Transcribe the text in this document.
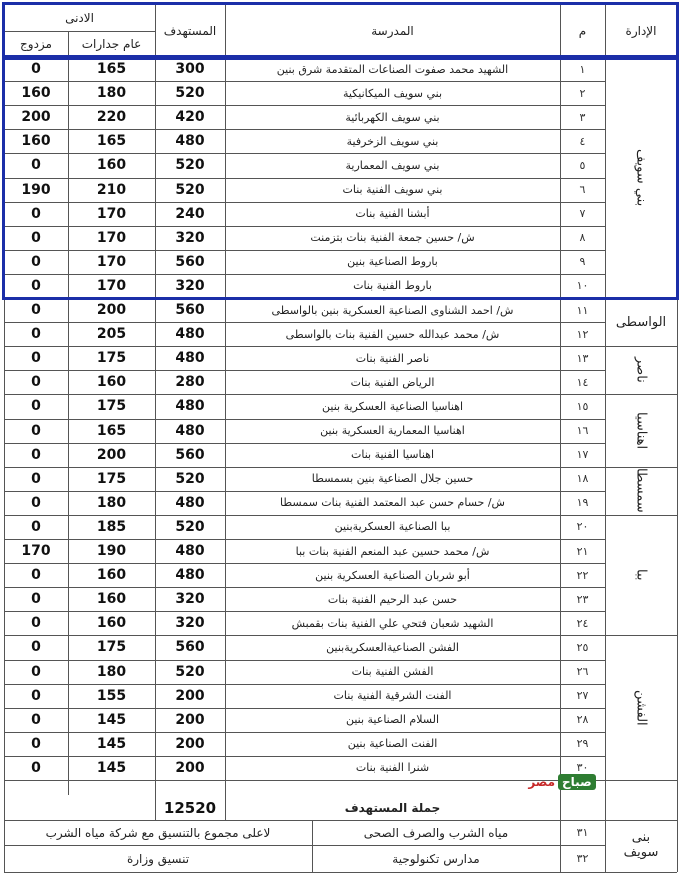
الإدارة
م
المدرسة
المستهدف
الادنى
عام جدارات
مزدوج
١
الشهيد محمد صفوت الصناعات المتقدمة شرق بنين
300
165
0
٢
بني سويف الميكانيكية
520
180
160
٣
بني سويف الكهربائية
420
220
200
٤
بني سويف الزخرفية
480
165
160
٥
بني سويف المعمارية
520
160
0
٦
بني سويف الفنية بنات
520
210
190
٧
أبشنا الفنية بنات
240
170
0
٨
ش/ حسين جمعة الفنية بنات بتزمنت
320
170
0
٩
باروط الصناعية بنين
560
170
0
١٠
باروط الفنية بنات
320
170
0
١١
ش/ احمد الشناوى الصناعية العسكرية بنين بالواسطى
560
200
0
١٢
ش/ محمد عبدالله حسين الفنية بنات بالواسطى
480
205
0
١٣
ناصر الفنية بنات
480
175
0
١٤
الرياض الفنية بنات
280
160
0
١٥
اهناسيا الصناعية العسكرية بنين
480
175
0
١٦
اهناسيا المعمارية العسكرية بنين
480
165
0
١٧
اهناسيا الفنية بنات
560
200
0
١٨
حسين جلال الصناعية بنين بسمسطا
520
175
0
١٩
ش/ حسام حسن عبد المعتمد الفنية بنات سمسطا
480
180
0
٢٠
ببا الصناعية العسكريةبنين
520
185
0
٢١
ش/ محمد حسين عبد المنعم الفنية بنات ببا
480
190
170
٢٢
أبو شربان الصناعية العسكرية بنين
480
160
0
٢٣
حسن عبد الرحيم الفنية بنات
320
160
0
٢٤
الشهيد شعبان فتحي علي الفنية بنات بقمبش
320
160
0
٢٥
الفشن الصناعيةالعسكريةبنين
560
175
0
٢٦
الفشن الفنية بنات
520
180
0
٢٧
الفنت الشرقية الفنية بنات
200
155
0
٢٨
السلام الصناعية بنين
200
145
0
٢٩
الفنت الصناعية بنين
200
145
0
٣٠
شنرا الفنية بنات
200
145
0
بني سويف
الواسطى
ناصر
اهناسيا
سمسطا
ببا
الفشن
جملة المستهدف
12520
بنى
سويف
٣١
مياه الشرب والصرف الصحى
لاعلى مجموع بالتنسيق مع شركة مياه الشرب
٣٢
مدارس تكنولوجية
تنسيق وزارة
صباح
مصر
